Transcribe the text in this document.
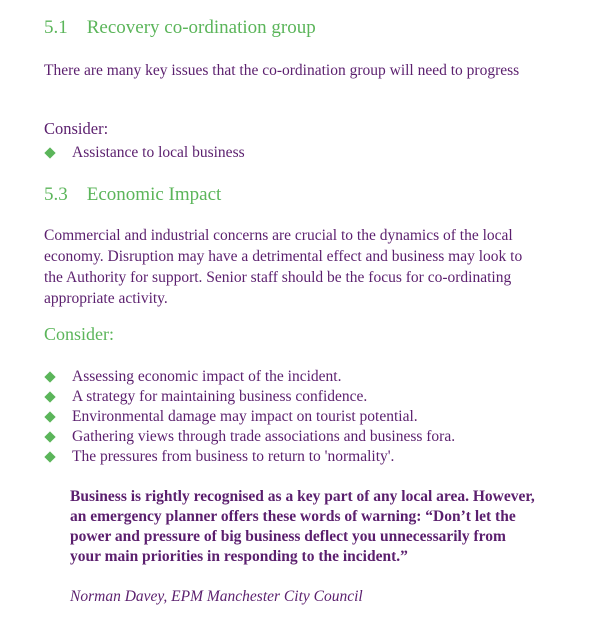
5.1 Recovery co-ordination group

There are many key issues that the co-ordination group will need to progress

Consider:

Assistance to local business
5.3 Economic Impact

Commercial and industrial concerns are crucial to the dynamics of the local economy. Disruption may have a detrimental effect and business may look to the Authority for support. Senior staff should be the focus for co-ordinating appropriate activity.

Consider:

Assessing economic impact of the incident.
A strategy for maintaining business confidence.
Environmental damage may impact on tourist potential.
Gathering views through trade associations and business fora.
The pressures from business to return to 'normality'.

Business is rightly recognised as a key part of any local area. However, an emergency planner offers these words of warning: “Don’t let the power and pressure of big business deflect you unnecessarily from your main priorities in responding to the incident.”

Norman Davey, EPM Manchester City Council
